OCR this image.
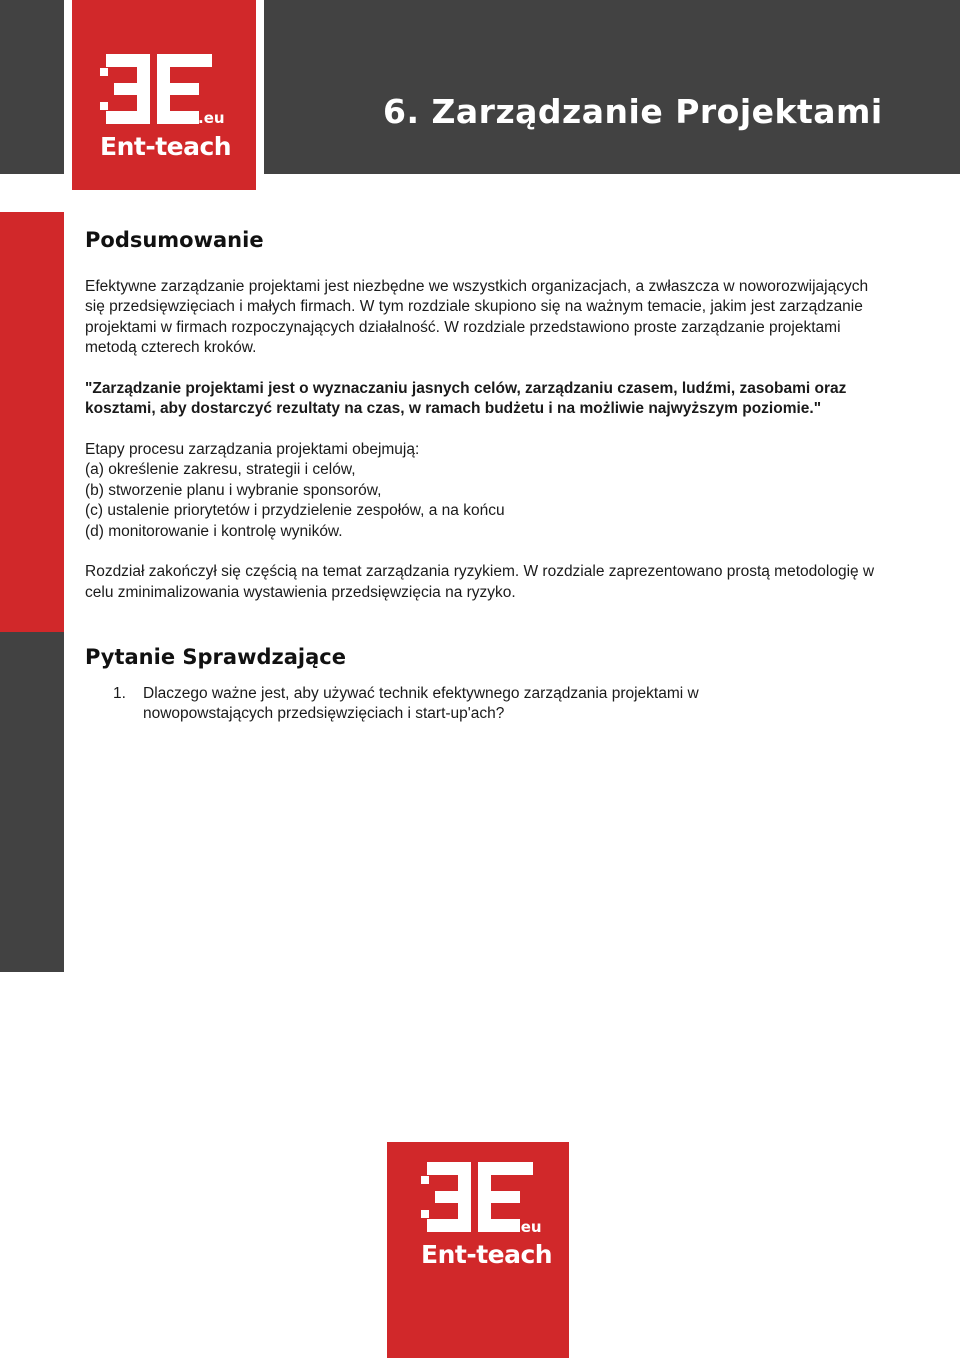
.eu
Ent-teach
6. Zarządzanie Projektami
Podsumowanie

Efektywne zarządzanie projektami jest niezbędne we wszystkich organizacjach, a zwłaszcza w noworozwijających się przedsięwzięciach i małych firmach. W tym rozdziale skupiono się na ważnym temacie, jakim jest zarządzanie projektami w firmach rozpoczynających działalność. W rozdziale przedstawiono proste zarządzanie projektami metodą czterech kroków.

"Zarządzanie projektami jest o wyznaczaniu jasnych celów, zarządzaniu czasem, ludźmi, zasobami oraz kosztami, aby dostarczyć rezultaty na czas, w ramach budżetu i na możliwie najwyższym poziomie."

Etapy procesu zarządzania projektami obejmują:

(a) określenie zakresu, strategii i celów,
(b) stworzenie planu i wybranie sponsorów,
(c) ustalenie priorytetów i przydzielenie zespołów, a na końcu
(d) monitorowanie i kontrolę wyników.

Rozdział zakończył się częścią na temat zarządzania ryzykiem. W rozdziale zaprezentowano prostą metodologię w celu zminimalizowania wystawienia przedsięwzięcia na ryzyko.

Pytanie Sprawdzające
1.	Dlaczego ważne jest, aby używać technik efektywnego zarządzania projektami w nowopowstających przedsięwzięciach i start-up'ach?
.eu
Ent-teach
